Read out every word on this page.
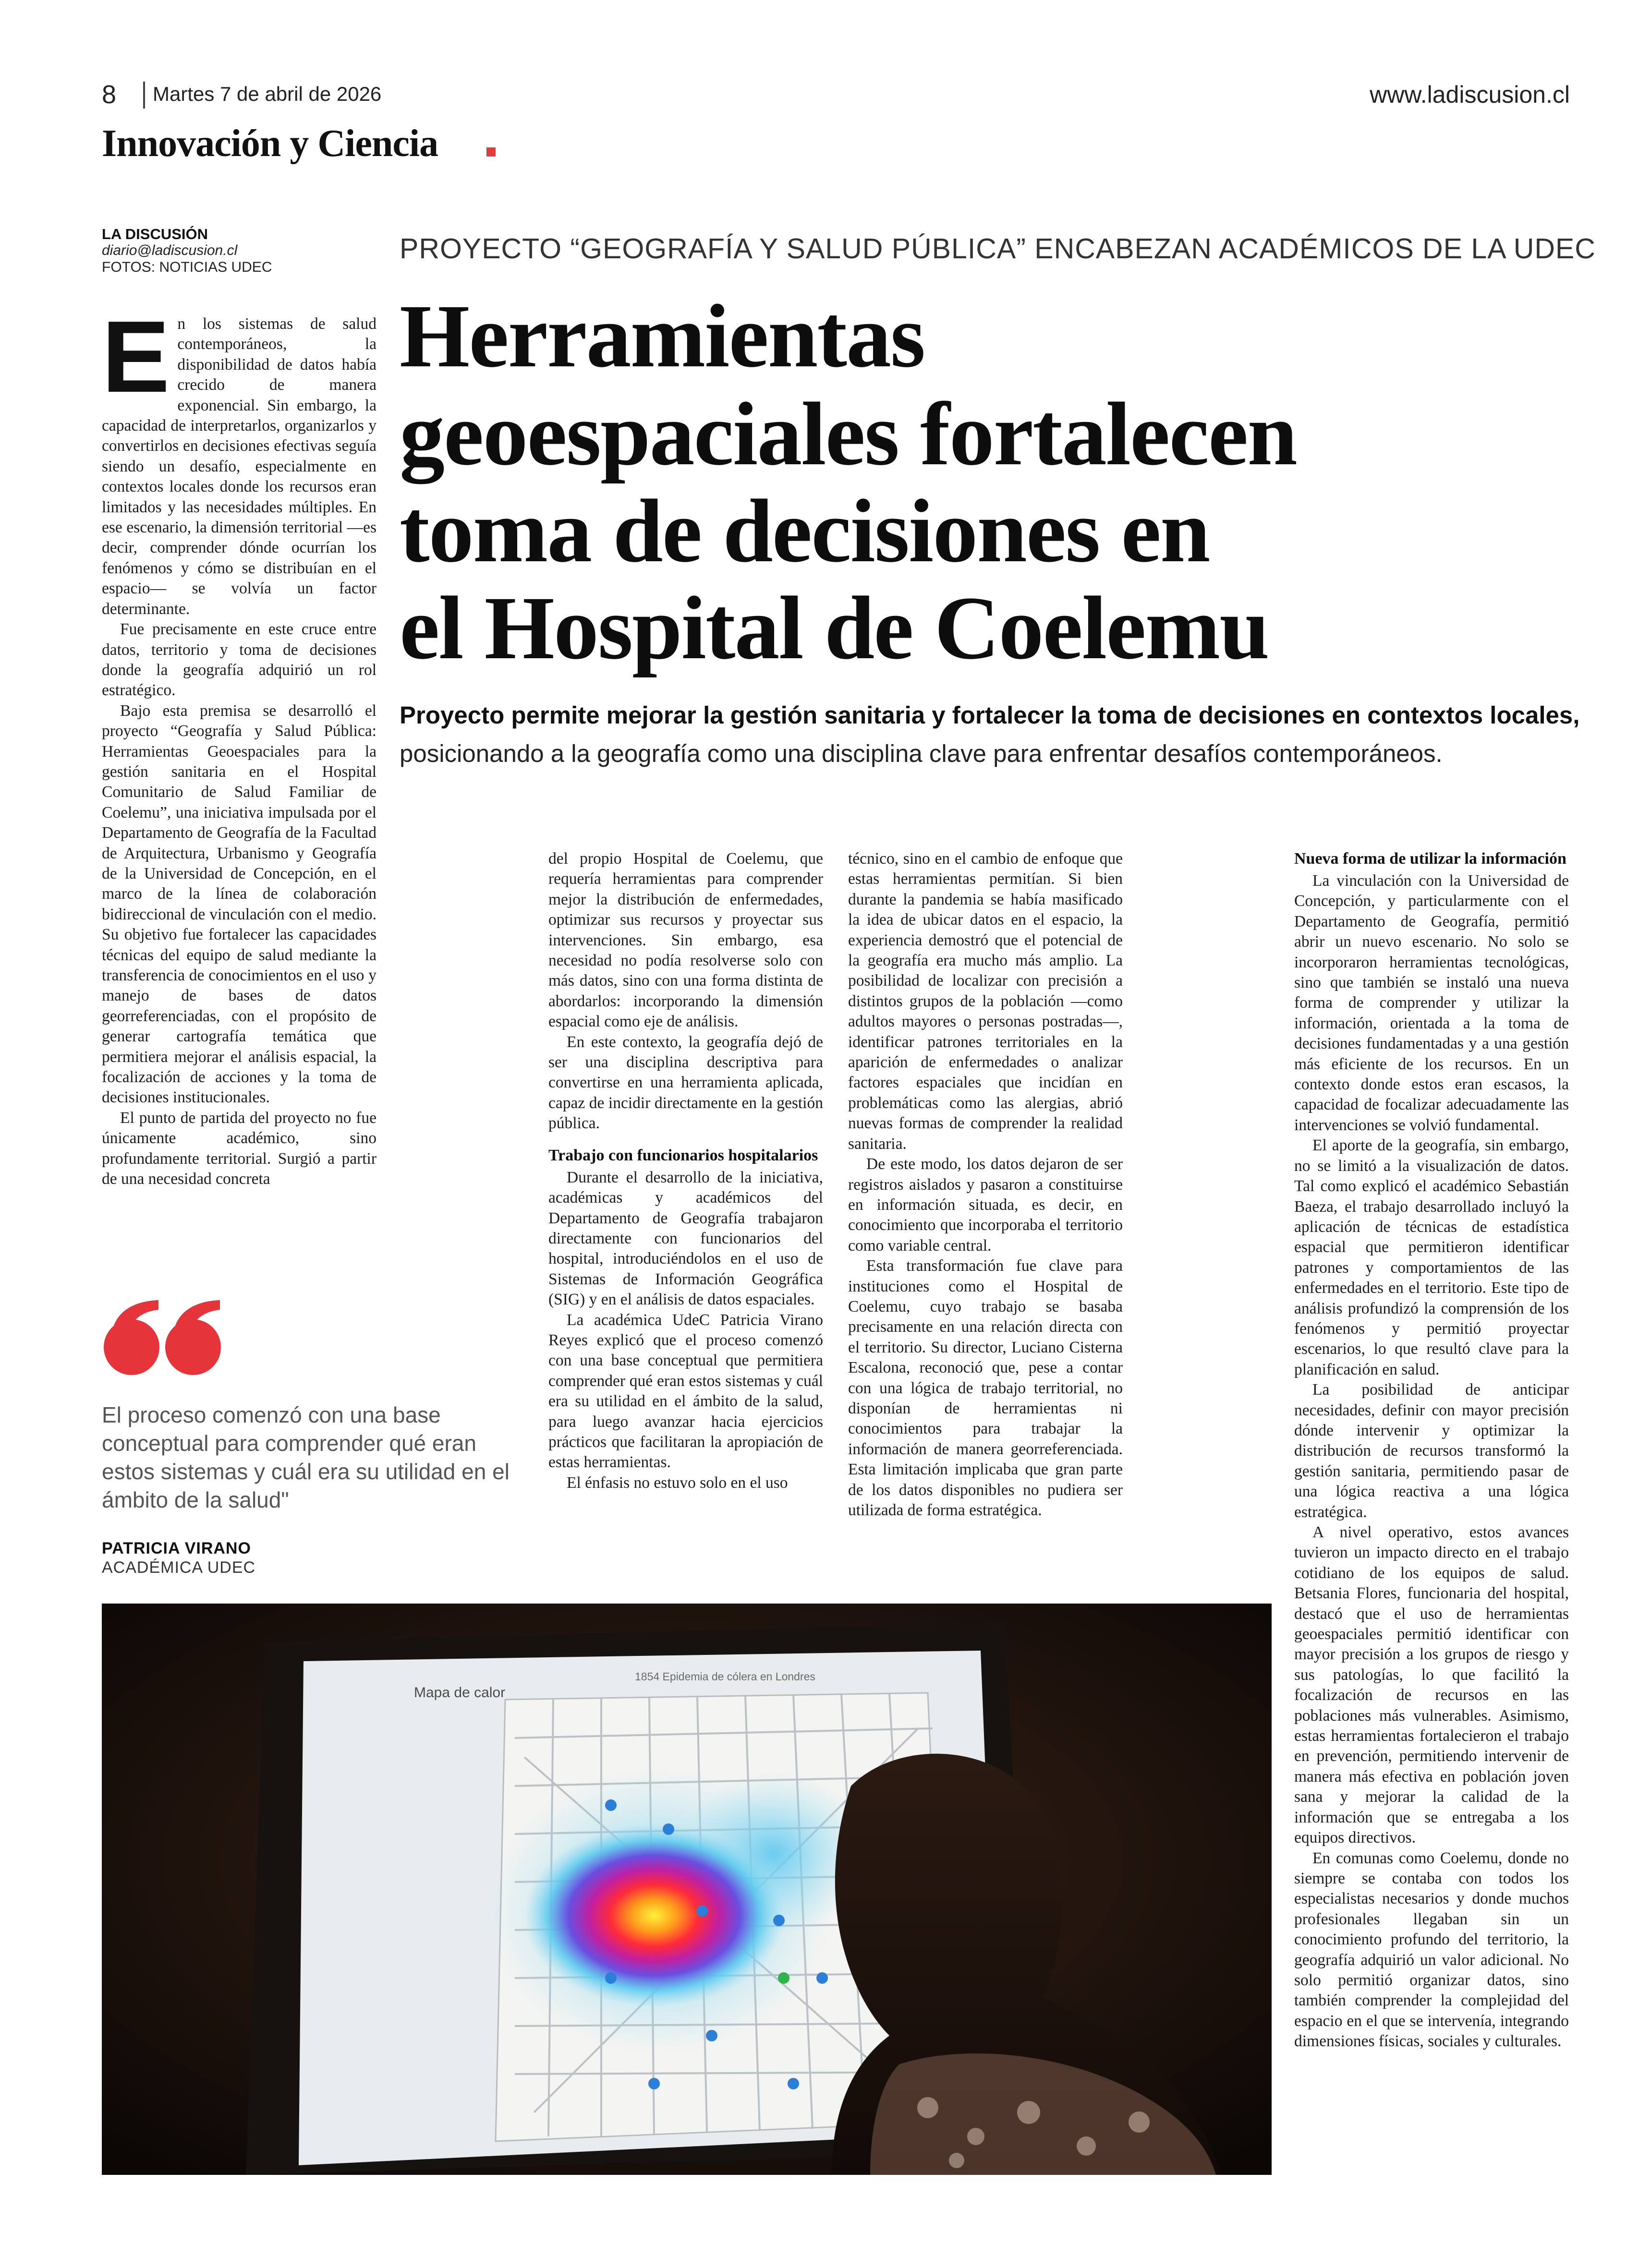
8 Martes 7 de abril de 2026	www.ladiscusion.cl
Innovación y Ciencia
LA DISCUSIÓN
diario@ladiscusion.cl
FOTOS: NOTICIAS UDEC
PROYECTO “GEOGRAFÍA Y SALUD PÚBLICA” ENCABEZAN ACADÉMICOS DE LA UDEC
Herramientas
geoespaciales fortalecen
toma de decisiones en
el Hospital de Coelemu
Proyecto permite mejorar la gestión sanitaria y fortalecer la toma de decisiones en contextos locales, posicionando a la geografía como una disciplina clave para enfrentar desafíos contemporáneos.

En los sistemas de salud contemporáneos, la disponibilidad de datos había crecido de manera exponencial. Sin embargo, la capacidad de interpretarlos, organizarlos y convertirlos en decisiones efectivas seguía siendo un desafío, especialmente en contextos locales donde los recursos eran limitados y las necesidades múltiples. En ese escenario, la dimensión territorial —es decir, comprender dónde ocurrían los fenómenos y cómo se distribuían en el espacio— se volvía un factor determinante.

Fue precisamente en este cruce entre datos, territorio y toma de decisiones donde la geografía adquirió un rol estratégico.

Bajo esta premisa se desarrolló el proyecto “Geografía y Salud Pública: Herramientas Geoespaciales para la gestión sanitaria en el Hospital Comunitario de Salud Familiar de Coelemu”, una iniciativa impulsada por el Departamento de Geografía de la Facultad de Arquitectura, Urbanismo y Geografía de la Universidad de Concepción, en el marco de la línea de colaboración bidireccional de vinculación con el medio. Su objetivo fue fortalecer las capacidades técnicas del equipo de salud mediante la transferencia de conocimientos en el uso y manejo de bases de datos georreferenciadas, con el propósito de generar cartografía temática que permitiera mejorar el análisis espacial, la focalización de acciones y la toma de decisiones institucionales.

El punto de partida del proyecto no fue únicamente académico, sino profundamente territorial. Surgió a partir de una necesidad concreta

El proceso comenzó con una base conceptual para comprender qué eran estos sistemas y cuál era su utilidad en el ámbito de la salud"
PATRICIA VIRANO
ACADÉMICA UDEC

del propio Hospital de Coelemu, que requería herramientas para comprender mejor la distribución de enfermedades, optimizar sus recursos y proyectar sus intervenciones. Sin embargo, esa necesidad no podía resolverse solo con más datos, sino con una forma distinta de abordarlos: incorporando la dimensión espacial como eje de análisis.

En este contexto, la geografía dejó de ser una disciplina descriptiva para convertirse en una herramienta aplicada, capaz de incidir directamente en la gestión pública.

Trabajo con funcionarios hospitalarios

Durante el desarrollo de la iniciativa, académicas y académicos del Departamento de Geografía trabajaron directamente con funcionarios del hospital, introduciéndolos en el uso de Sistemas de Información Geográfica (SIG) y en el análisis de datos espaciales.

La académica UdeC Patricia Virano Reyes explicó que el proceso comenzó con una base conceptual que permitiera comprender qué eran estos sistemas y cuál era su utilidad en el ámbito de la salud, para luego avanzar hacia ejercicios prácticos que facilitaran la apropiación de estas herramientas.

El énfasis no estuvo solo en el uso

técnico, sino en el cambio de enfoque que estas herramientas permitían. Si bien durante la pandemia se había masificado la idea de ubicar datos en el espacio, la experiencia demostró que el potencial de la geografía era mucho más amplio. La posibilidad de localizar con precisión a distintos grupos de la población —como adultos mayores o personas postradas—, identificar patrones territoriales en la aparición de enfermedades o analizar factores espaciales que incidían en problemáticas como las alergias, abrió nuevas formas de comprender la realidad sanitaria.

De este modo, los datos dejaron de ser registros aislados y pasaron a constituirse en información situada, es decir, en conocimiento que incorporaba el territorio como variable central.

Esta transformación fue clave para instituciones como el Hospital de Coelemu, cuyo trabajo se basaba precisamente en una relación directa con el territorio. Su director, Luciano Cisterna Escalona, reconoció que, pese a contar con una lógica de trabajo territorial, no disponían de herramientas ni conocimientos para trabajar la información de manera georreferenciada. Esta limitación implicaba que gran parte de los datos disponibles no pudiera ser utilizada de forma estratégica.

Nueva forma de utilizar la información

La vinculación con la Universidad de Concepción, y particularmente con el Departamento de Geografía, permitió abrir un nuevo escenario. No solo se incorporaron herramientas tecnológicas, sino que también se instaló una nueva forma de comprender y utilizar la información, orientada a la toma de decisiones fundamentadas y a una gestión más eficiente de los recursos. En un contexto donde estos eran escasos, la capacidad de focalizar adecuadamente las intervenciones se volvió fundamental.

El aporte de la geografía, sin embargo, no se limitó a la visualización de datos. Tal como explicó el académico Sebastián Baeza, el trabajo desarrollado incluyó la aplicación de técnicas de estadística espacial que permitieron identificar patrones y comportamientos de las enfermedades en el territorio. Este tipo de análisis profundizó la comprensión de los fenómenos y permitió proyectar escenarios, lo que resultó clave para la planificación en salud.

La posibilidad de anticipar necesidades, definir con mayor precisión dónde intervenir y optimizar la distribución de recursos transformó la gestión sanitaria, permitiendo pasar de una lógica reactiva a una lógica estratégica.

A nivel operativo, estos avances tuvieron un impacto directo en el trabajo cotidiano de los equipos de salud. Betsania Flores, funcionaria del hospital, destacó que el uso de herramientas geoespaciales permitió identificar con mayor precisión a los grupos de riesgo y sus patologías, lo que facilitó la focalización de recursos en las poblaciones más vulnerables. Asimismo, estas herramientas fortalecieron el trabajo en prevención, permitiendo intervenir de manera más efectiva en población joven sana y mejorar la calidad de la información que se entregaba a los equipos directivos.

En comunas como Coelemu, donde no siempre se contaba con todos los especialistas necesarios y donde muchos profesionales llegaban sin un conocimiento profundo del territorio, la geografía adquirió un valor adicional. No solo permitió organizar datos, sino también comprender la complejidad del espacio en el que se intervenía, integrando dimensiones físicas, sociales y culturales.

Mapa de calor
1854 Epidemia de cólera en Londres
